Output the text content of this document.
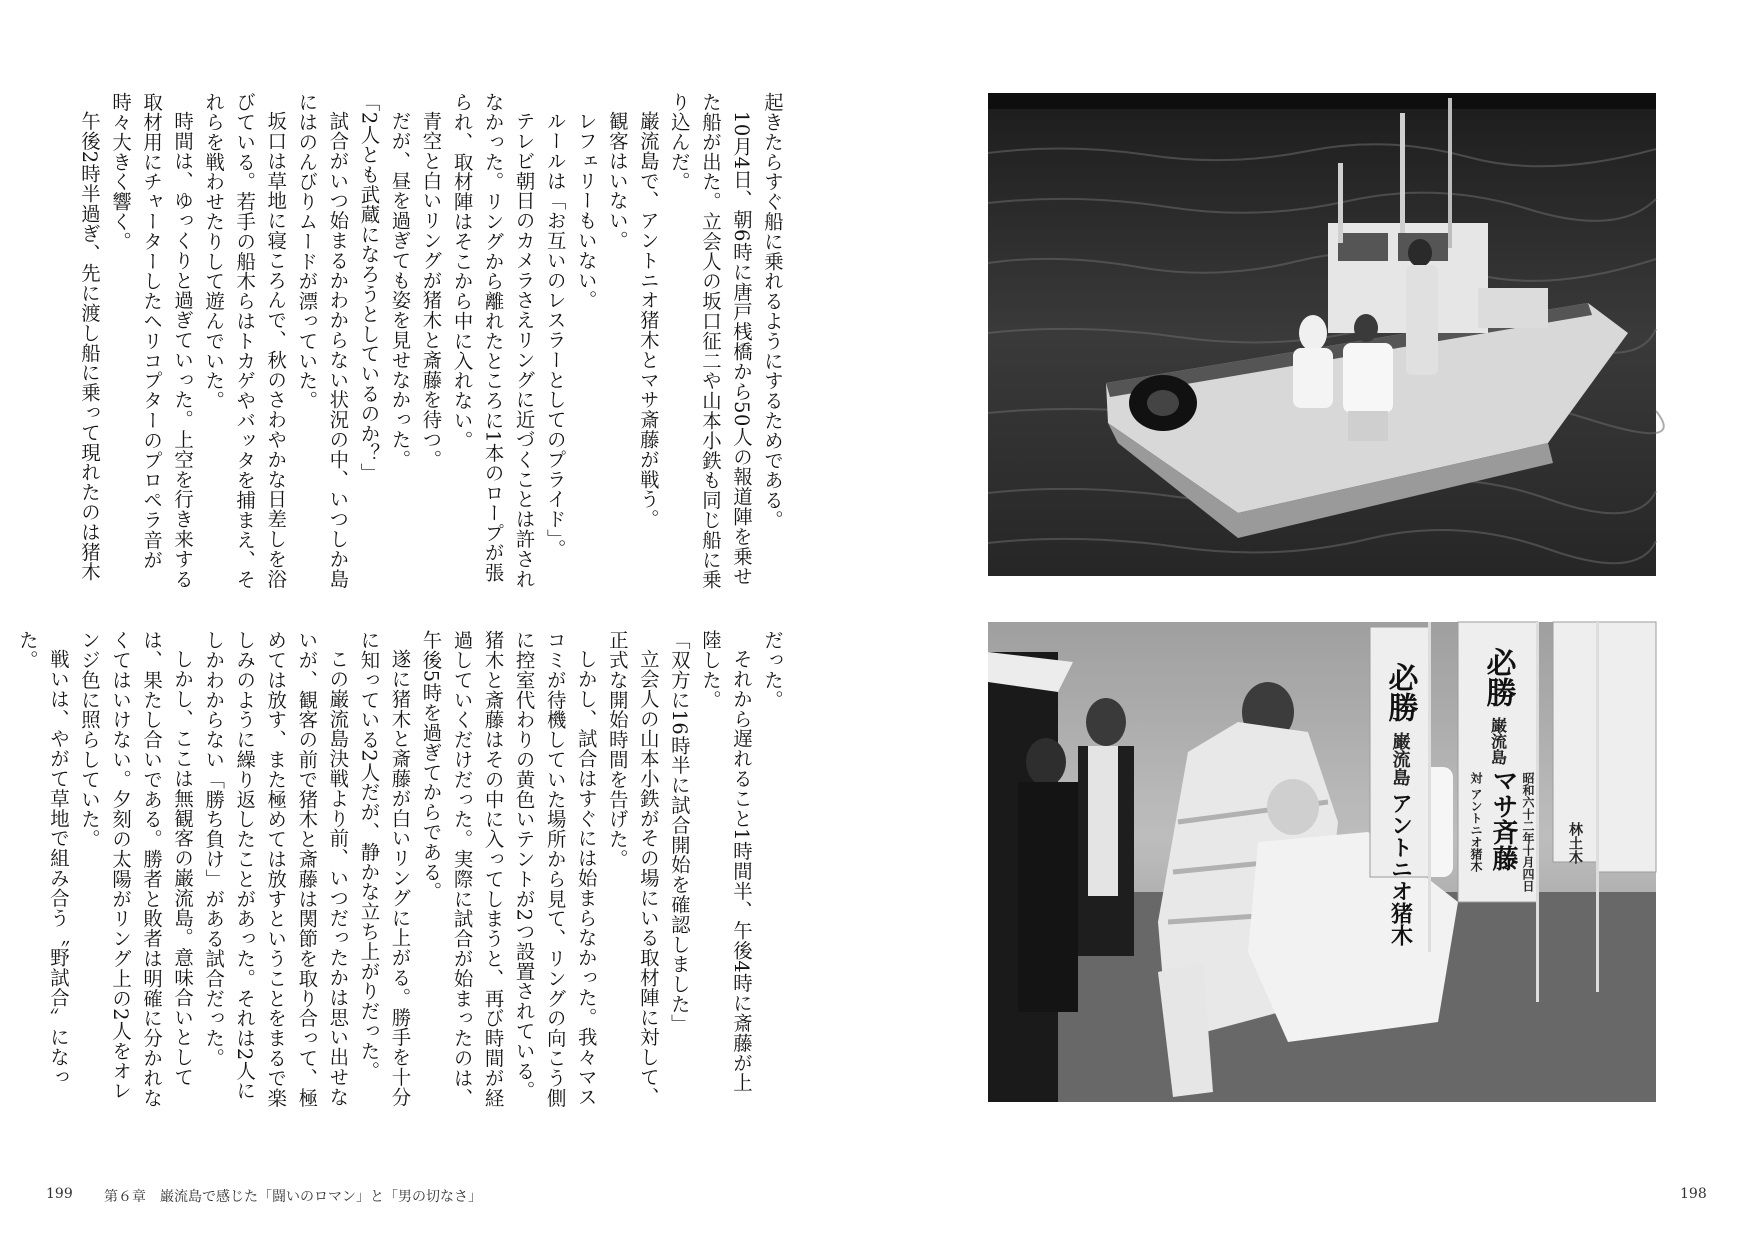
起きたらすぐ船に乗れるようにするためである。

10月4日、朝6時に唐戸桟橋から50人の報道陣を乗せた船が出た。立会人の坂口征二や山本小鉄も同じ船に乗り込んだ。

巌流島で、アントニオ猪木とマサ斎藤が戦う。

観客はいない。

レフェリーもいない。

ルールは「お互いのレスラーとしてのプライド」。

テレビ朝日のカメラさえリングに近づくことは許されなかった。リングから離れたところに1本のロープが張られ、取材陣はそこから中に入れない。

青空と白いリングが猪木と斎藤を待つ。

だが、昼を過ぎても姿を見せなかった。

「2人とも武蔵になろうとしているのか？」

試合がいつ始まるかわからない状況の中、いつしか島にはのんびりムードが漂っていた。

坂口は草地に寝ころんで、秋のさわやかな日差しを浴びている。若手の船木らはトカゲやバッタを捕まえ、それらを戦わせたりして遊んでいた。

時間は、ゆっくりと過ぎていった。上空を行き来する取材用にチャーターしたヘリコプターのプロペラ音が時々大きく響く。

午後2時半過ぎ、先に渡し船に乗って現れたのは猪木

だった。

それから遅れること1時間半、午後4時に斎藤が上陸した。

「双方に16時半に試合開始を確認しました」

立会人の山本小鉄がその場にいる取材陣に対して、正式な開始時間を告げた。

しかし、試合はすぐには始まらなかった。我々マスコミが待機していた場所から見て、リングの向こう側に控室代わりの黄色いテントが2つ設置されている。猪木と斎藤はその中に入ってしまうと、再び時間が経過していくだけだった。実際に試合が始まったのは、午後5時を過ぎてからである。

遂に猪木と斎藤が白いリングに上がる。勝手を十分に知っている2人だが、静かな立ち上がりだった。

この巌流島決戦より前、いつだったかは思い出せないが、観客の前で猪木と斎藤は関節を取り合って、極めては放す、また極めては放すということをまるで楽しみのように繰り返したことがあった。それは2人にしかわからない「勝ち負け」がある試合だった。

しかし、ここは無観客の巌流島。意味合いとしては、果たし合いである。勝者と敗者は明確に分かれなくてはいけない。夕刻の太陽がリング上の2人をオレンジ色に照らしていた。

戦いは、やがて草地で組み合う〝野試合〟になった。

必勝
巌流島
アントニオ猪木
必勝
巌流島
対 アントニオ猪木 マサ斉藤 昭和六十二年十月四日 林土木
199 第６章　巌流島で感じた「闘いのロマン」と「男の切なさ」	198
